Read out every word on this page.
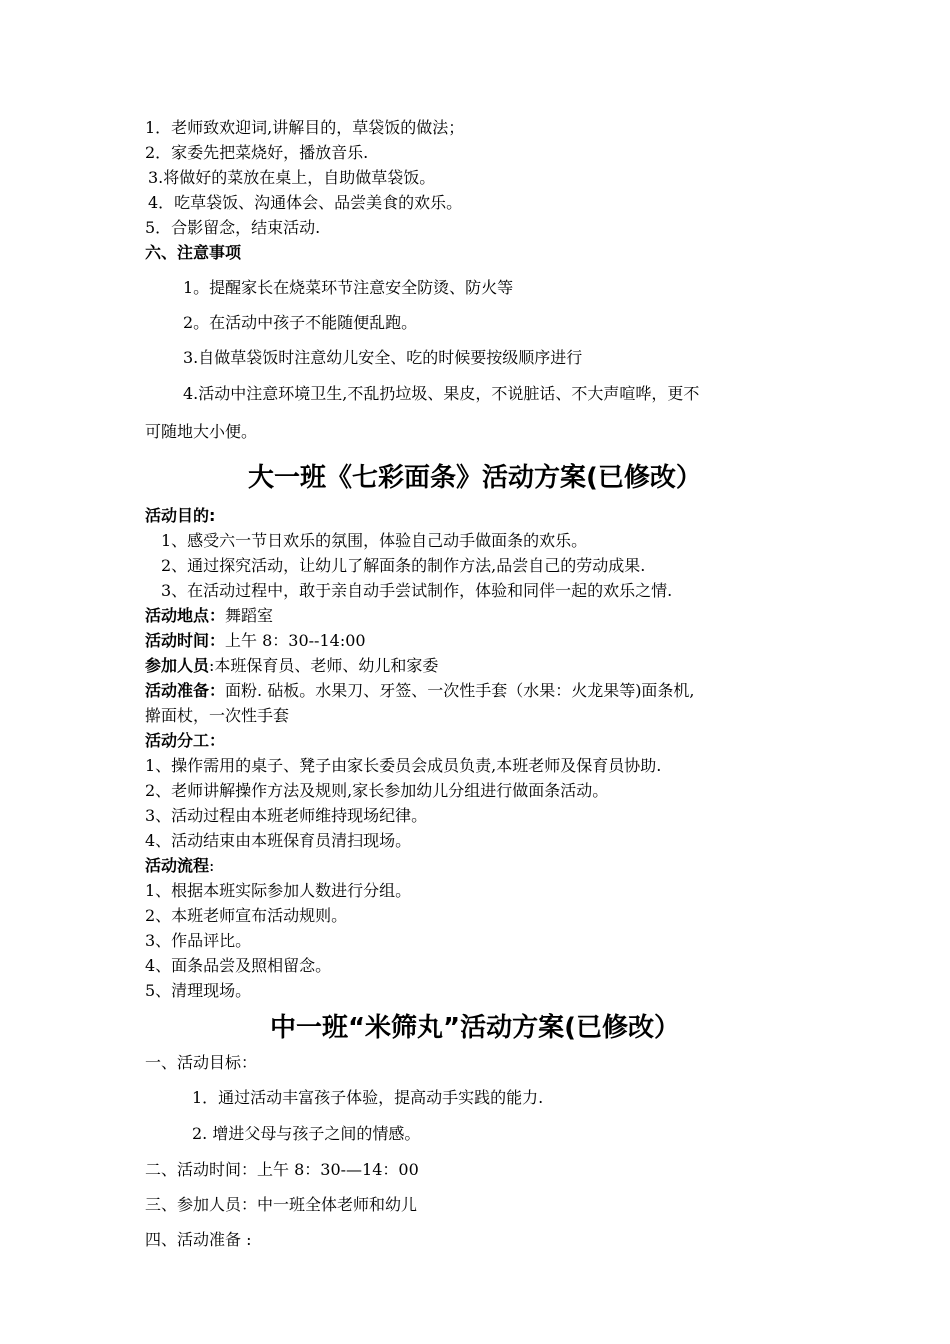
1．老师致欢迎词,讲解目的，草袋饭的做法；
2．家委先把菜烧好，播放音乐.
3.将做好的菜放在桌上，自助做草袋饭。
4．吃草袋饭、沟通体会、品尝美食的欢乐。
5．合影留念，结束活动.
六、注意事项
1。提醒家长在烧菜环节注意安全防烫、防火等
2。在活动中孩子不能随便乱跑。
3.自做草袋饭时注意幼儿安全、吃的时候要按级顺序进行
4.活动中注意环境卫生,不乱扔垃圾、果皮，不说脏话、不大声喧哗，更不
可随地大小便。
大一班《七彩面条》活动方案(已修改）
活动目的:
1、感受六一节日欢乐的氛围，体验自己动手做面条的欢乐。
2、通过探究活动，让幼儿了解面条的制作方法,品尝自己的劳动成果.
3、在活动过程中，敢于亲自动手尝试制作，体验和同伴一起的欢乐之情.
活动地点：舞蹈室
活动时间：上午 8：30--14:00
参加人员:本班保育员、老师、幼儿和家委
活动准备：面粉. 砧板。水果刀、牙签、一次性手套（水果：火龙果等)面条机,
擀面杖，一次性手套
活动分工：
1、操作需用的桌子、凳子由家长委员会成员负责,本班老师及保育员协助.
2、老师讲解操作方法及规则,家长参加幼儿分组进行做面条活动。
3、活动过程由本班老师维持现场纪律。
4、活动结束由本班保育员清扫现场。
活动流程:
1、根据本班实际参加人数进行分组。
2、本班老师宣布活动规则。
3、作品评比。
4、面条品尝及照相留念。
5、清理现场。
中一班“米筛丸”活动方案(已修改）
一、活动目标：
1．通过活动丰富孩子体验，提高动手实践的能力.
2. 增进父母与孩子之间的情感。
二、活动时间：上午 8：30-—14：00
三、参加人员：中一班全体老师和幼儿
四、活动准备 :
